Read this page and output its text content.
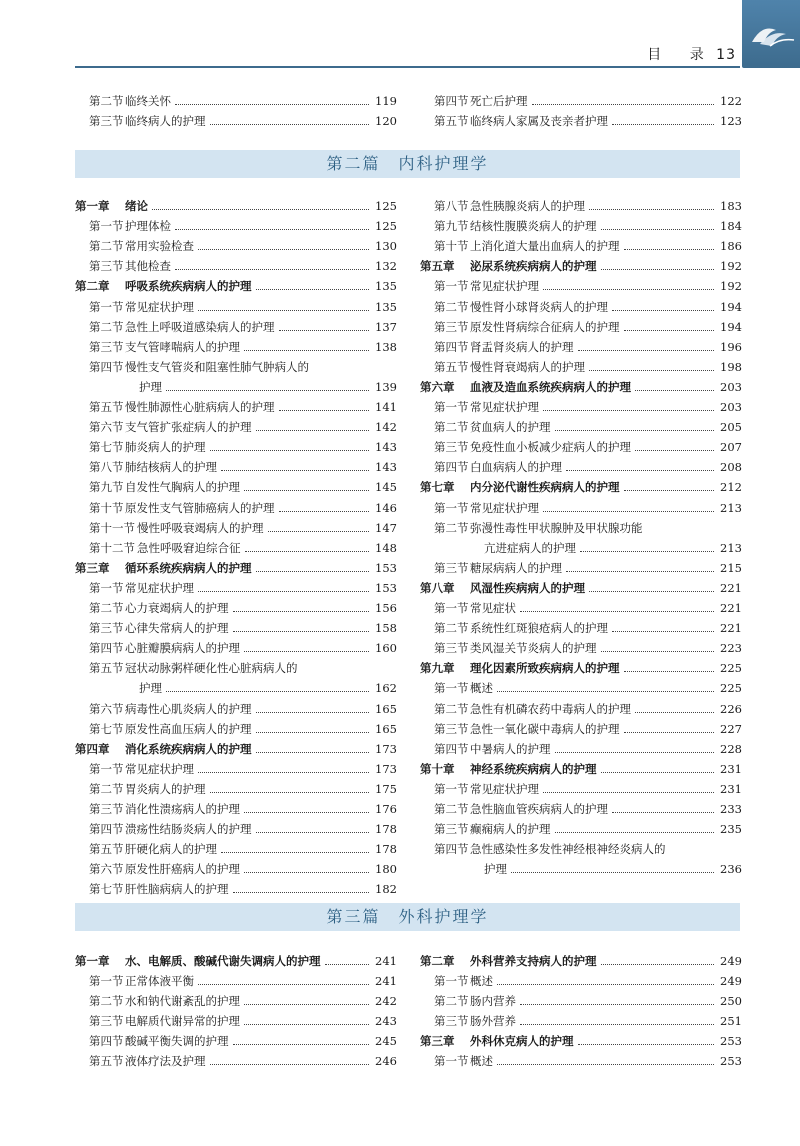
目 录 13
第二节 临终关怀	119
第三节 临终病人的护理	120
第四节 死亡后护理	122
第五节 临终病人家属及丧亲者护理	123
第二篇　内科护理学
第一章	绪论	125
第一节 护理体检	125
第二节 常用实验检查	130
第三节 其他检查	132
第二章	呼吸系统疾病病人的护理	135
第一节 常见症状护理	135
第二节 急性上呼吸道感染病人的护理	137
第三节 支气管哮喘病人的护理	138
第四节 慢性支气管炎和阻塞性肺气肿病人的
护理	139
第五节 慢性肺源性心脏病病人的护理	141
第六节 支气管扩张症病人的护理	142
第七节 肺炎病人的护理	143
第八节 肺结核病人的护理	143
第九节 自发性气胸病人的护理	145
第十节 原发性支气管肺癌病人的护理	146
第十一节 慢性呼吸衰竭病人的护理	147
第十二节 急性呼吸窘迫综合征	148
第三章	循环系统疾病病人的护理	153
第一节 常见症状护理	153
第二节 心力衰竭病人的护理	156
第三节 心律失常病人的护理	158
第四节 心脏瓣膜病病人的护理	160
第五节 冠状动脉粥样硬化性心脏病病人的
护理	162
第六节 病毒性心肌炎病人的护理	165
第七节 原发性高血压病人的护理	165
第四章	消化系统疾病病人的护理	173
第一节 常见症状护理	173
第二节 胃炎病人的护理	175
第三节 消化性溃疡病人的护理	176
第四节 溃疡性结肠炎病人的护理	178
第五节 肝硬化病人的护理	178
第六节 原发性肝癌病人的护理	180
第七节 肝性脑病病人的护理	182
第八节 急性胰腺炎病人的护理	183
第九节 结核性腹膜炎病人的护理	184
第十节 上消化道大量出血病人的护理	186
第五章	泌尿系统疾病病人的护理	192
第一节 常见症状护理	192
第二节 慢性肾小球肾炎病人的护理	194
第三节 原发性肾病综合征病人的护理	194
第四节 肾盂肾炎病人的护理	196
第五节 慢性肾衰竭病人的护理	198
第六章	血液及造血系统疾病病人的护理	203
第一节 常见症状护理	203
第二节 贫血病人的护理	205
第三节 免疫性血小板减少症病人的护理	207
第四节 白血病病人的护理	208
第七章	内分泌代谢性疾病病人的护理	212
第一节 常见症状护理	213
第二节 弥漫性毒性甲状腺肿及甲状腺功能
亢进症病人的护理	213
第三节 糖尿病病人的护理	215
第八章	风湿性疾病病人的护理	221
第一节 常见症状	221
第二节 系统性红斑狼疮病人的护理	221
第三节 类风湿关节炎病人的护理	223
第九章	理化因素所致疾病病人的护理	225
第一节 概述	225
第二节 急性有机磷农药中毒病人的护理	226
第三节 急性一氧化碳中毒病人的护理	227
第四节 中暑病人的护理	228
第十章	神经系统疾病病人的护理	231
第一节 常见症状护理	231
第二节 急性脑血管疾病病人的护理	233
第三节 癫痫病人的护理	235
第四节 急性感染性多发性神经根神经炎病人的
护理	236
第三篇　外科护理学
第一章	水、电解质、酸碱代谢失调病人的护理	241
第一节 正常体液平衡	241
第二节 水和钠代谢紊乱的护理	242
第三节 电解质代谢异常的护理	243
第四节 酸碱平衡失调的护理	245
第五节 液体疗法及护理	246
第二章	外科营养支持病人的护理	249
第一节 概述	249
第二节 肠内营养	250
第三节 肠外营养	251
第三章	外科休克病人的护理	253
第一节 概述	253
